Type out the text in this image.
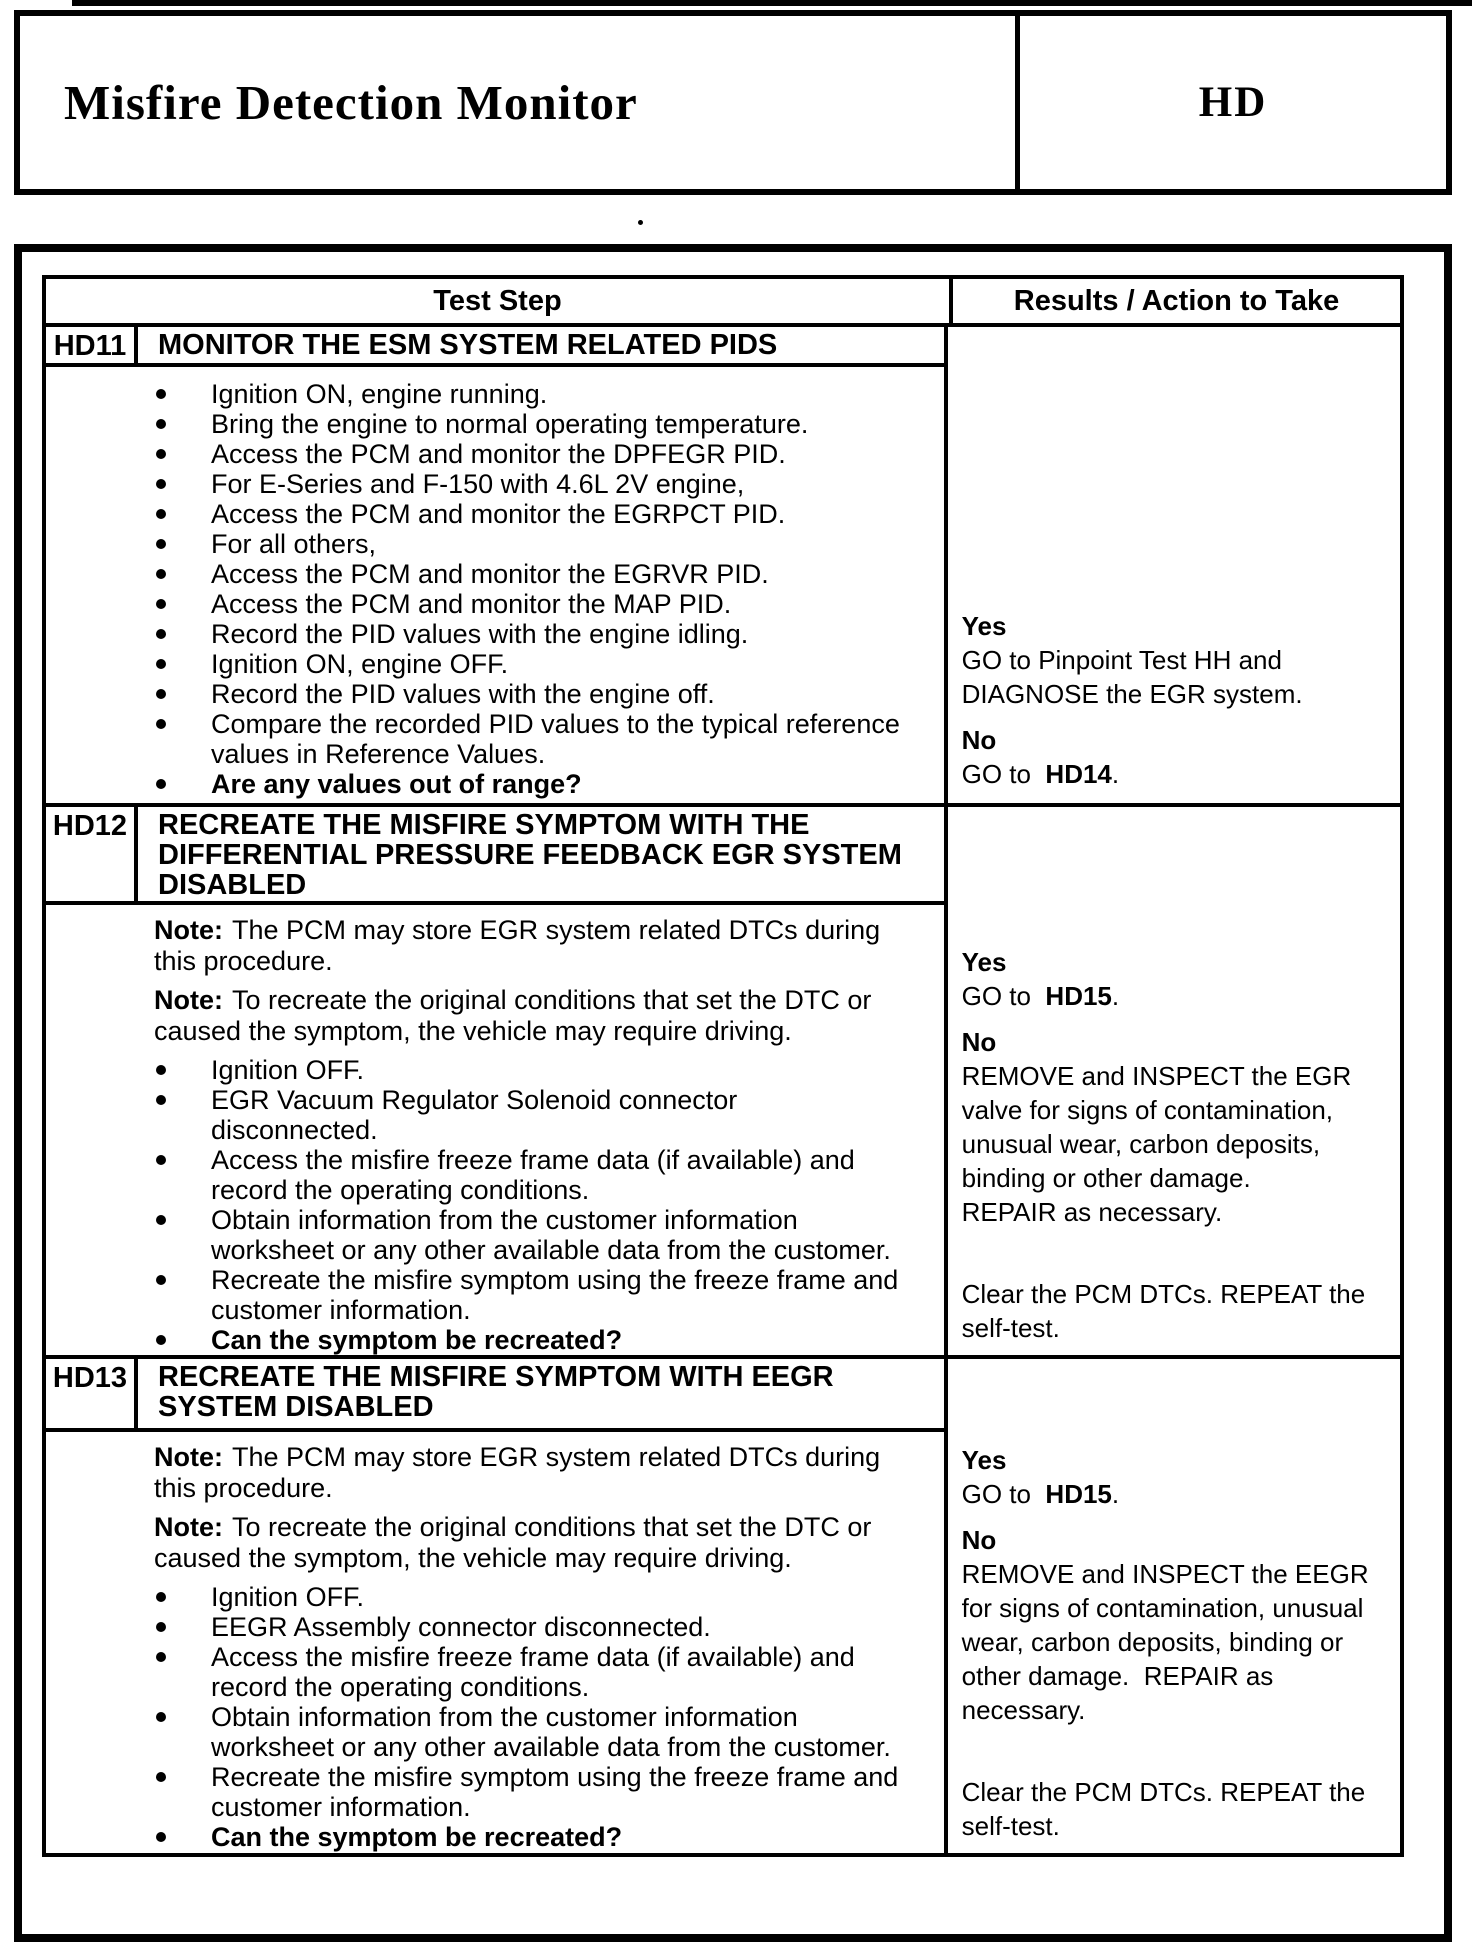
Misfire Detection Monitor	HD
Test Step	Results / Action to Take
HD11 MONITOR THE ESM SYSTEM RELATED PIDS
Ignition ON, engine running.
Bring the engine to normal operating temperature.
Access the PCM and monitor the DPFEGR PID.
For E-Series and F-150 with 4.6L 2V engine,
Access the PCM and monitor the EGRPCT PID.
For all others,
Access the PCM and monitor the EGRVR PID.
Access the PCM and monitor the MAP PID.
Record the PID values with the engine idling.
Ignition ON, engine OFF.
Record the PID values with the engine off.
Compare the recorded PID values to the typical reference
values in Reference Values.
Are any values out of range?
Yes
GO to Pinpoint Test HH and
DIAGNOSE the EGR system.
No
GO to  HD14.
HD12 RECREATE THE MISFIRE SYMPTOM WITH THE
DIFFERENTIAL PRESSURE FEEDBACK EGR SYSTEM
DISABLED
Note: The PCM may store EGR system related DTCs during
this procedure.
Note: To recreate the original conditions that set the DTC or
caused the symptom, the vehicle may require driving.
Ignition OFF.
EGR Vacuum Regulator Solenoid connector
disconnected.
Access the misfire freeze frame data (if available) and
record the operating conditions.
Obtain information from the customer information
worksheet or any other available data from the customer.
Recreate the misfire symptom using the freeze frame and
customer information.
Can the symptom be recreated?
Yes
GO to  HD15.
No
REMOVE and INSPECT the EGR
valve for signs of contamination,
unusual wear, carbon deposits,
binding or other damage.
REPAIR as necessary.
Clear the PCM DTCs. REPEAT the
self-test.
HD13 RECREATE THE MISFIRE SYMPTOM WITH EEGR
SYSTEM DISABLED
Note: The PCM may store EGR system related DTCs during
this procedure.
Note: To recreate the original conditions that set the DTC or
caused the symptom, the vehicle may require driving.
Ignition OFF.
EEGR Assembly connector disconnected.
Access the misfire freeze frame data (if available) and
record the operating conditions.
Obtain information from the customer information
worksheet or any other available data from the customer.
Recreate the misfire symptom using the freeze frame and
customer information.
Can the symptom be recreated?
Yes
GO to  HD15.
No
REMOVE and INSPECT the EEGR
for signs of contamination, unusual
wear, carbon deposits, binding or
other damage.  REPAIR as
necessary.
Clear the PCM DTCs. REPEAT the
self-test.
